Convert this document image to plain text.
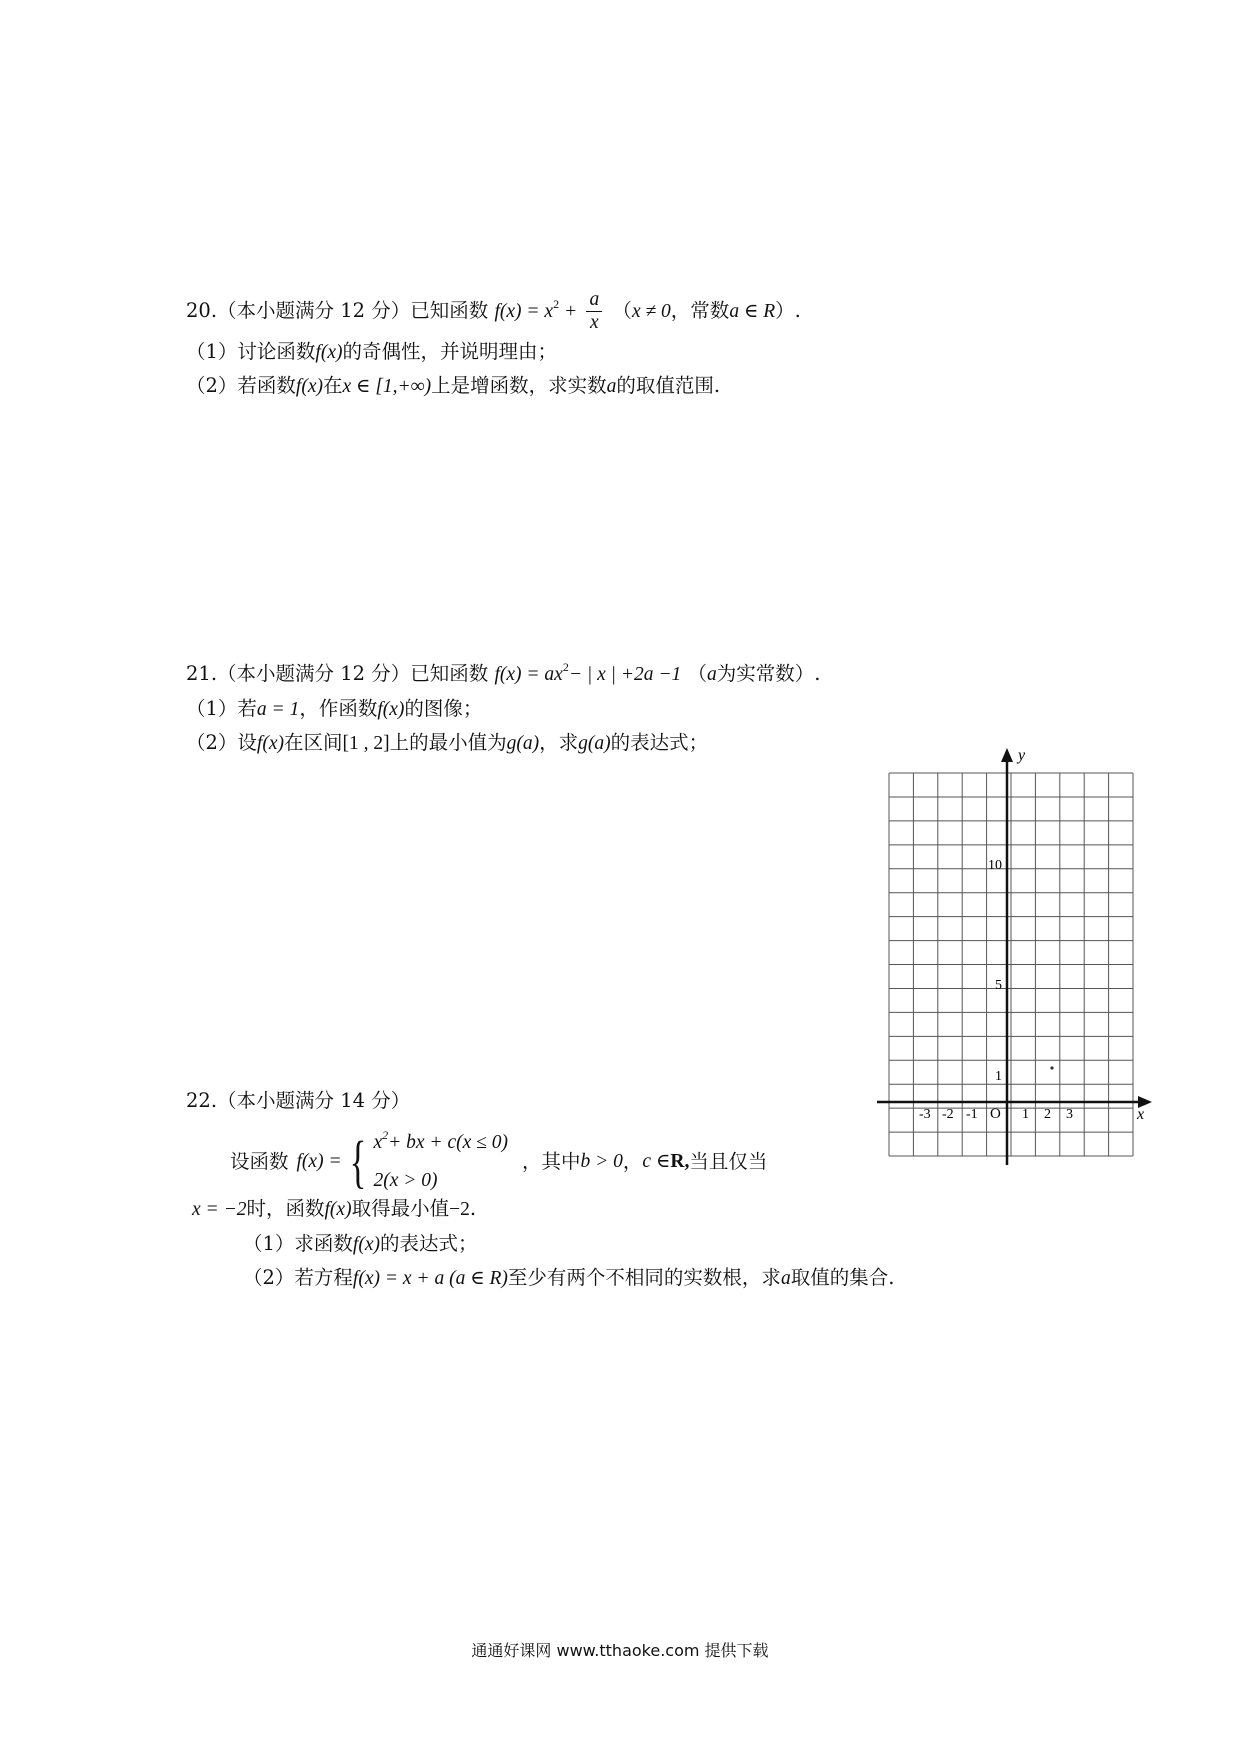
20.（本小题满分 12 分）已知函数 $f(x) = x^2 + \frac{a}{x} (x \ne 0$，常数a ∈ R）.
（1）讨论函数f(x)的奇偶性，并说明理由；
（2）若函数f(x)在x ∈ [1,+∞)上是增函数，求实数a的取值范围.
21.（本小题满分 12 分）已知函数 $f(x) = ax^2-$ | x | +2a −1 （a为实常数）.
（1）若a = 1，作函数f(x)的图像；
（2）设f(x)在区间[1 , 2]上的最小值为g(a)，求g(a)的表达式；
y
x
O
-3 -2 -1	1 2 3
10
5
1
22.（本小题满分 14 分）
设函数 f(x) = { $x^2+$ bx + c(x ≤ 0)
2(x > 0)
，其中 b > 0 ， c ∈ R, 当且仅当
x = −2时，函数f(x)取得最小值−2.
（1）求函数f(x)的表达式；
（2）若方程f(x) = x + a (a ∈ R)至少有两个不相同的实数根，求a取值的集合.
通通好课网 www.tthaoke.com 提供下载
